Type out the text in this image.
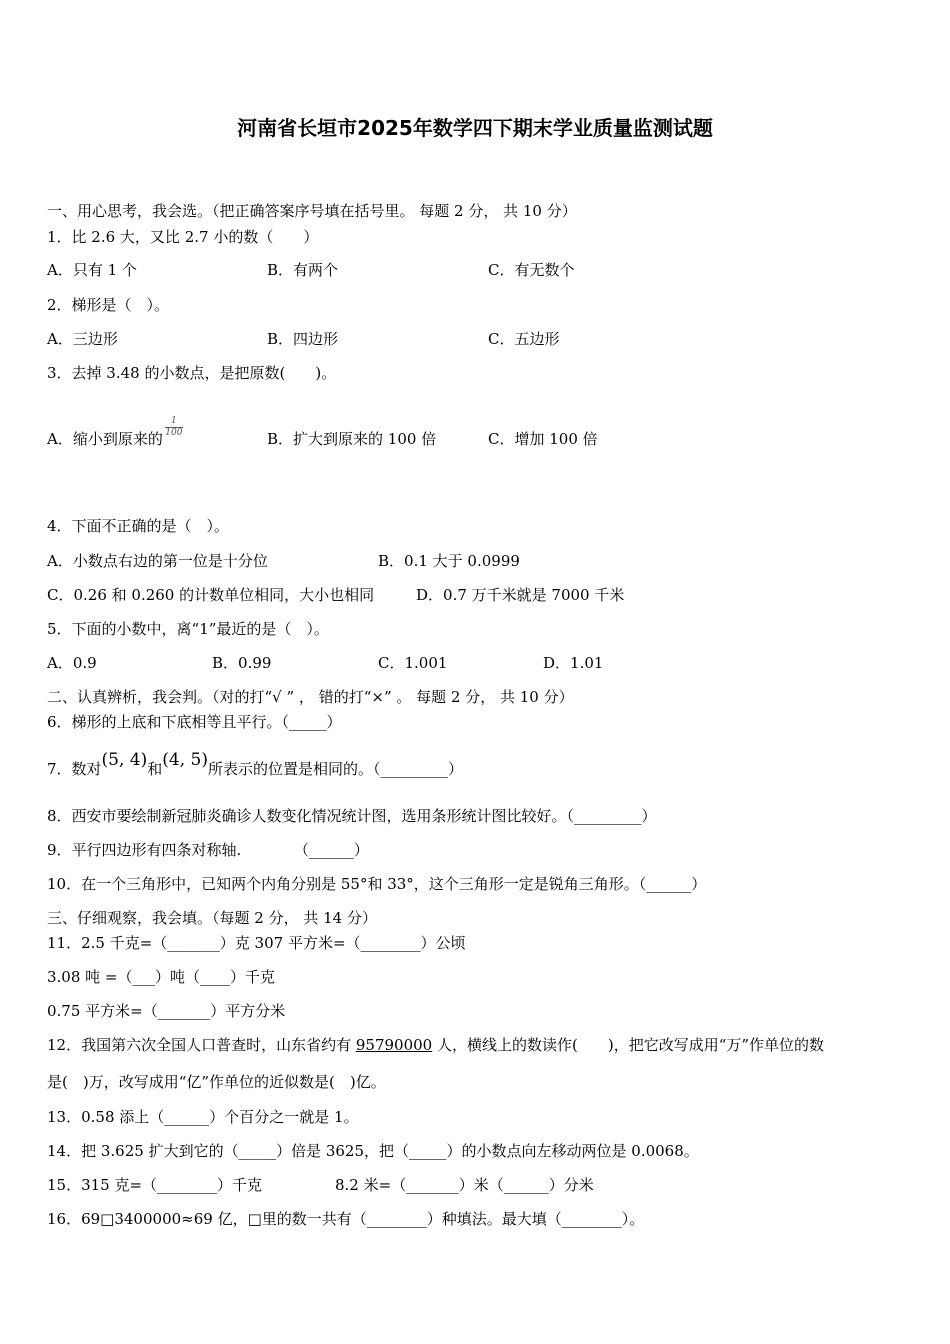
河南省长垣市2025年数学四下期末学业质量监测试题
一、用心思考，我会选。（把正确答案序号填在括号里。 每题 2 分， 共 10 分）
1．比 2.6 大，又比 2.7 小的数（　　）
A．只有 1 个	B．有两个	C．有无数个
2．梯形是（　）。
A．三边形	B．四边形	C．五边形
3．去掉 3.48 的小数点，是把原数(　　)。
A．缩小到原来的 $\frac{1}{100}$	B．扩大到原来的 100 倍	C．增加 100 倍
4．下面不正确的是（　）。
A．小数点右边的第一位是十分位	B．0.1 大于 0.0999
C．0.26 和 0.260 的计数单位相同，大小也相同	D．0.7 万千米就是 7000 千米
5．下面的小数中，离“1”最近的是（　）。
A．0.9	B．0.99	C．1.001	D．1.01
二、认真辨析，我会判。（对的打“√ ” ， 错的打“×” 。 每题 2 分， 共 10 分）
6．梯形的上底和下底相等且平行。（_____）
7．数对(5, 4)和(4, 5)所表示的位置是相同的。（_________）
8．西安市要绘制新冠肺炎确诊人数变化情况统计图，选用条形统计图比较好。（_________）
9．平行四边形有四条对称轴.　　　　（______）
10．在一个三角形中，已知两个内角分别是 55°和 33°，这个三角形一定是锐角三角形。（______）
三、仔细观察，我会填。（每题 2 分， 共 14 分）
11．2.5 千克=（_______）克 307 平方米=（________）公顷
3.08 吨 =（___）吨（____）千克
0.75 平方米=（_______）平方分米
12．我国第六次全国人口普查时，山东省约有 95790000 人，横线上的数读作(　　)，把它改写成用“万”作单位的数
是(　)万，改写成用“亿”作单位的近似数是(　)亿。
13．0.58 添上（______）个百分之一就是 1。
14．把 3.625 扩大到它的（_____）倍是 3625，把（_____）的小数点向左移动两位是 0.0068。
15．315 克=（________）千克	8.2 米=（_______）米（______）分米
16．69□3400000≈69 亿，□里的数一共有（________）种填法。最大填（________）。
